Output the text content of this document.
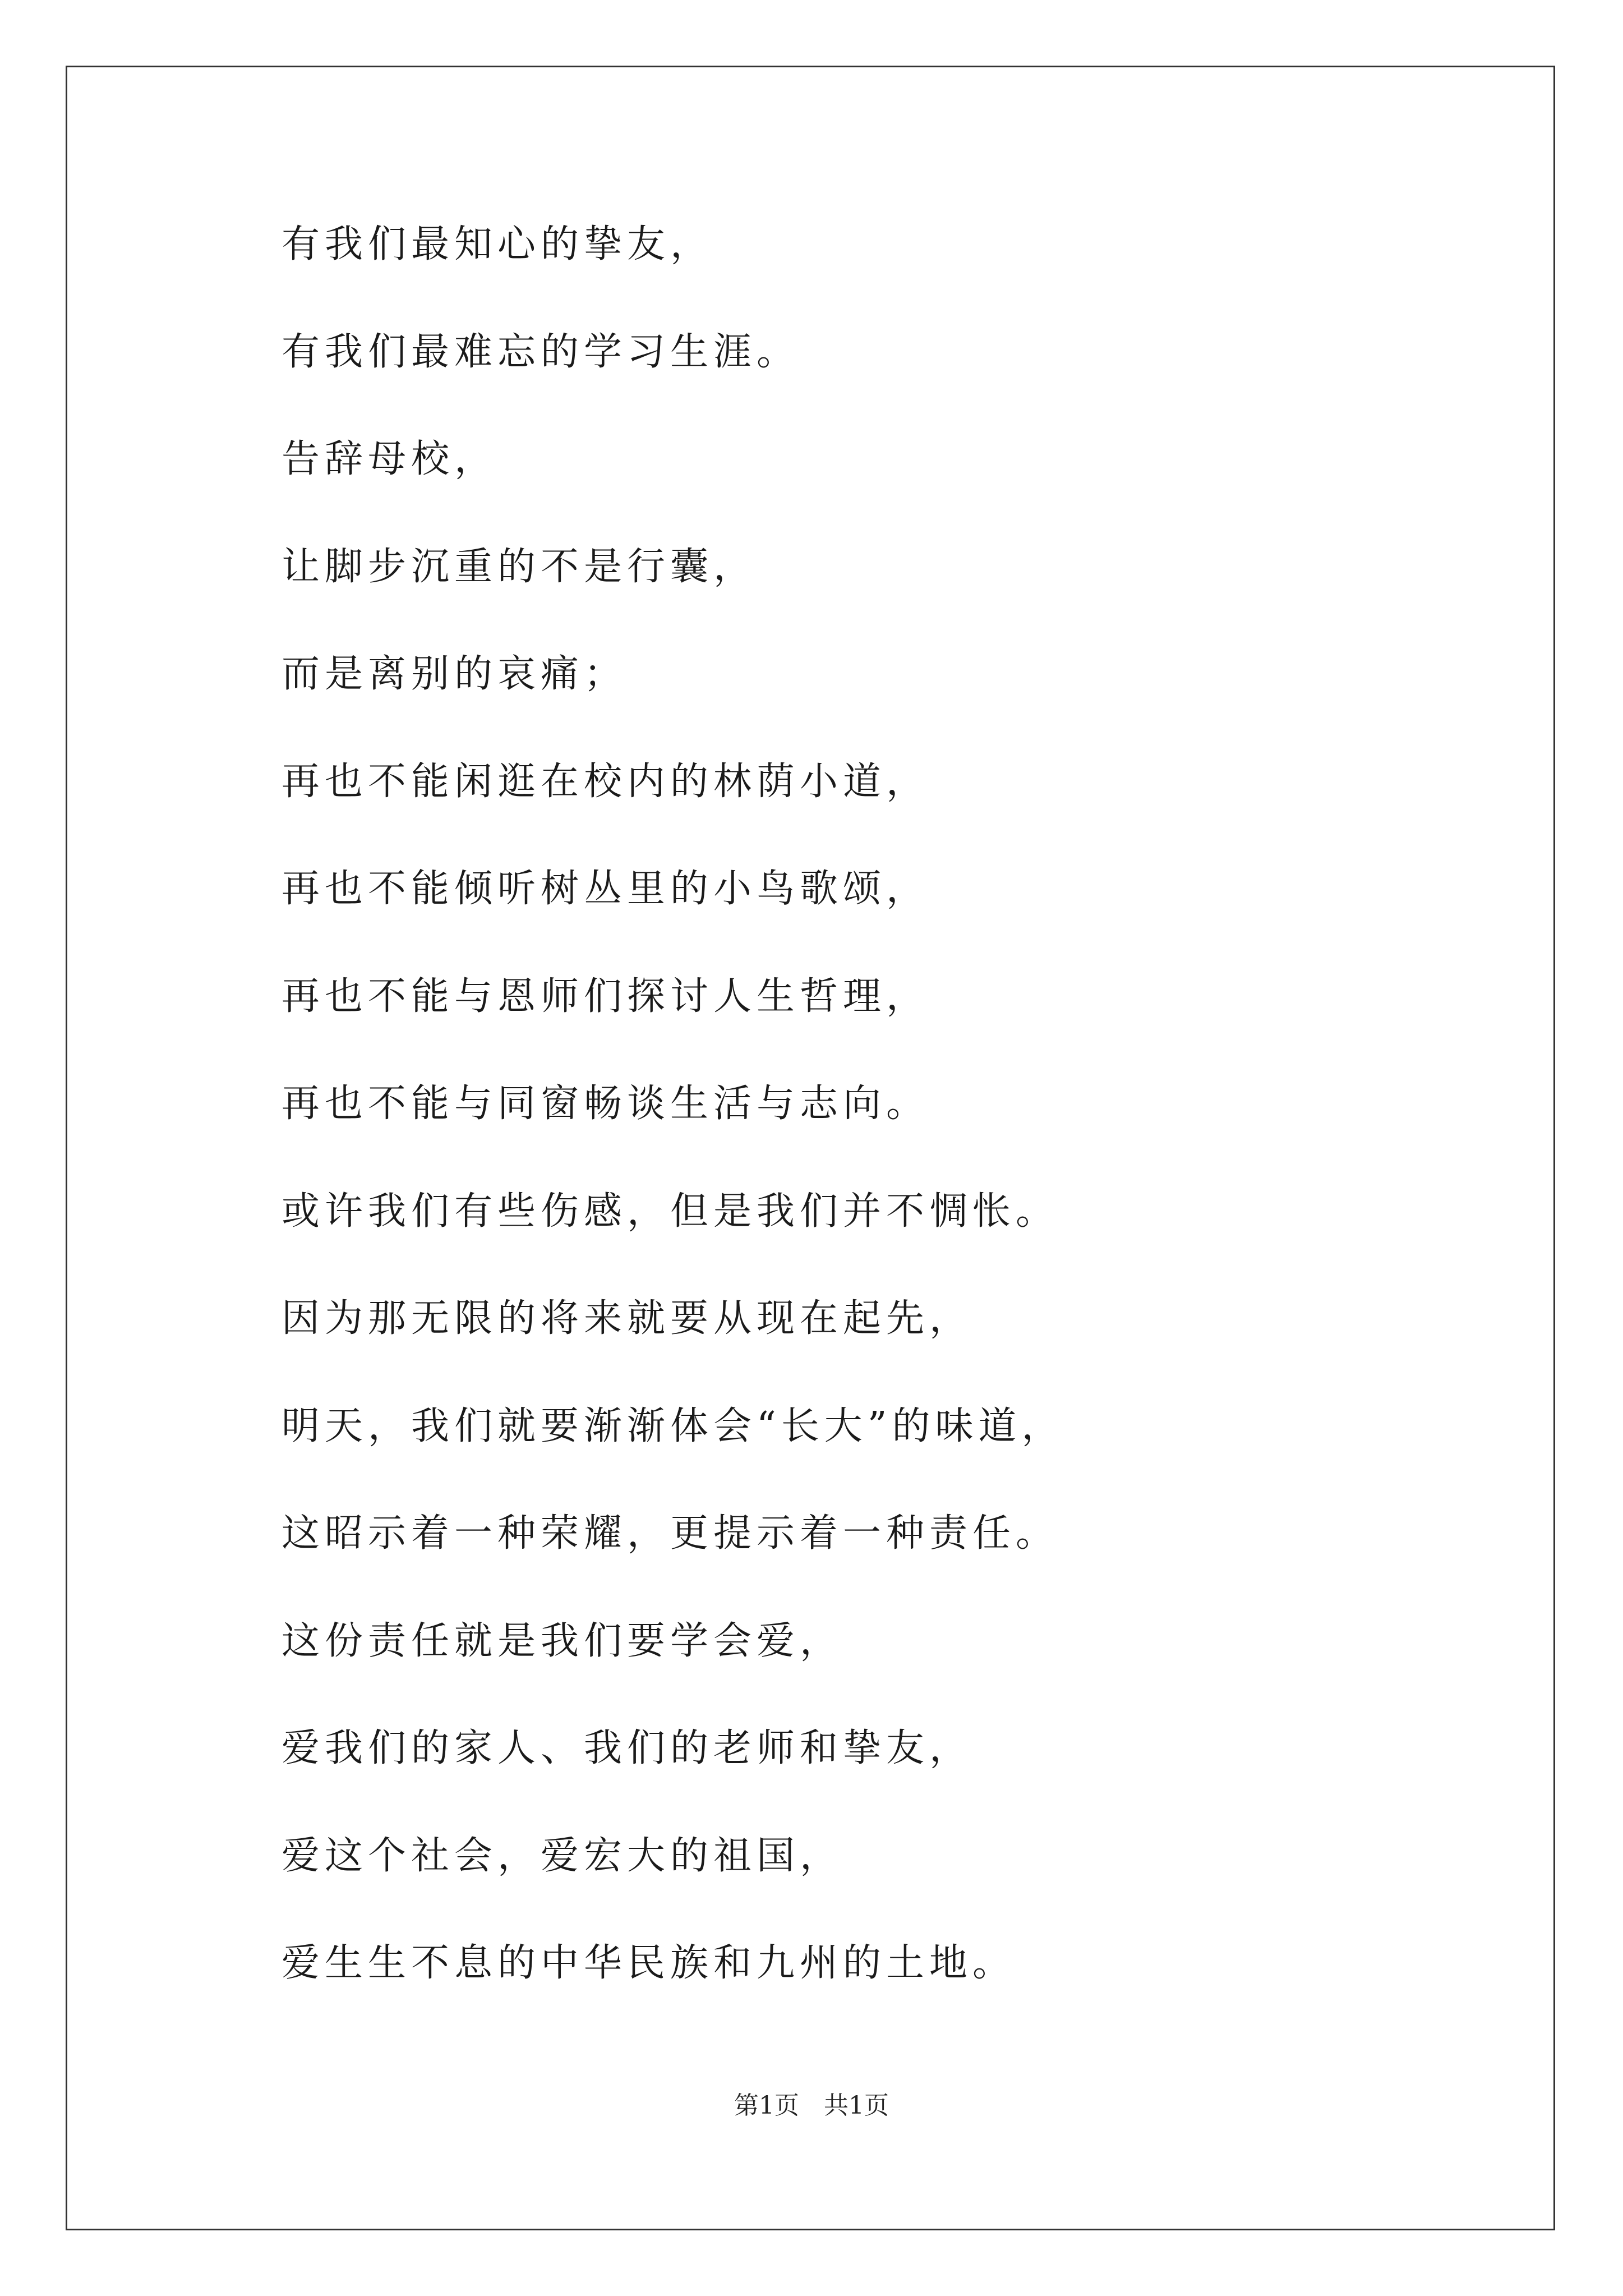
有我们最知心的挚友，
有我们最难忘的学习生涯。
告辞母校，
让脚步沉重的不是行囊，
而是离别的哀痛；
再也不能闲逛在校内的林荫小道，
再也不能倾听树丛里的小鸟歌颂，
再也不能与恩师们探讨人生哲理，
再也不能与同窗畅谈生活与志向。
或许我们有些伤感，但是我们并不惆怅。
因为那无限的将来就要从现在起先，
明天，我们就要渐渐体会“长大”的味道，
这昭示着一种荣耀，更提示着一种责任。
这份责任就是我们要学会爱，
爱我们的家人、我们的老师和挚友，
爱这个社会，爱宏大的祖国，
爱生生不息的中华民族和九州的土地。
第1页　共1页
